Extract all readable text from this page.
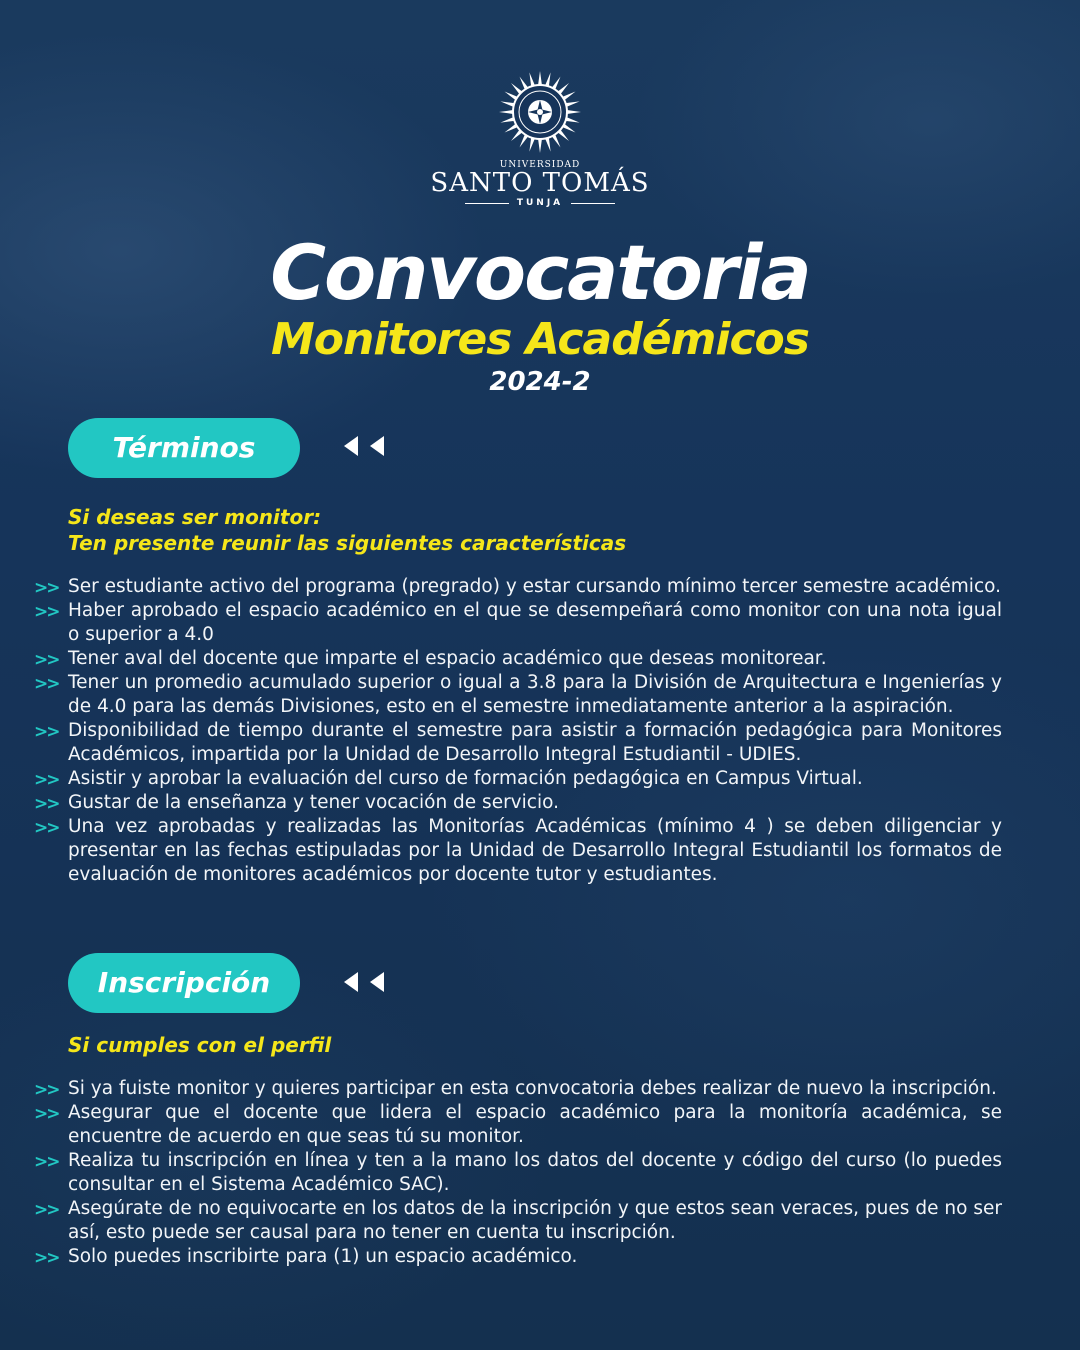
UNIVERSIDAD
SANTO TOMÁS
TUNJA
Convocatoria
Monitores Académicos
2024-2
Términos
Si deseas ser monitor:
Ten presente reunir las siguientes características
>> Ser estudiante activo del programa (pregrado) y estar cursando mínimo tercer semestre académico.
>> Haber aprobado el espacio académico en el que se desempeñará como monitor con una nota igual o superior a 4.0
>> Tener aval del docente que imparte el espacio académico que deseas monitorear.
>> Tener un promedio acumulado superior o igual a 3.8 para la División de Arquitectura e Ingenierías y de 4.0 para las demás Divisiones, esto en el semestre inmediatamente anterior a la aspiración.
>> Disponibilidad de tiempo durante el semestre para asistir a formación pedagógica para Monitores Académicos, impartida por la Unidad de Desarrollo Integral Estudiantil - UDIES.
>> Asistir y aprobar la evaluación del curso de formación pedagógica en Campus Virtual.
>> Gustar de la enseñanza y tener vocación de servicio.
>> Una vez aprobadas y realizadas las Monitorías Académicas (mínimo 4 ) se deben diligenciar y presentar en las fechas estipuladas por la Unidad de Desarrollo Integral Estudiantil los formatos de evaluación de monitores académicos por docente tutor y estudiantes.
Inscripción
Si cumples con el perfil
>> Si ya fuiste monitor y quieres participar en esta convocatoria debes realizar de nuevo la inscripción.
>> Asegurar que el docente que lidera el espacio académico para la monitoría académica, se encuentre de acuerdo en que seas tú su monitor.
>> Realiza tu inscripción en línea y ten a la mano los datos del docente y código del curso (lo puedes consultar en el Sistema Académico SAC).
>> Asegúrate de no equivocarte en los datos de la inscripción y que estos sean veraces, pues de no ser así, esto puede ser causal para no tener en cuenta tu inscripción.
>> Solo puedes inscribirte para (1) un espacio académico.
